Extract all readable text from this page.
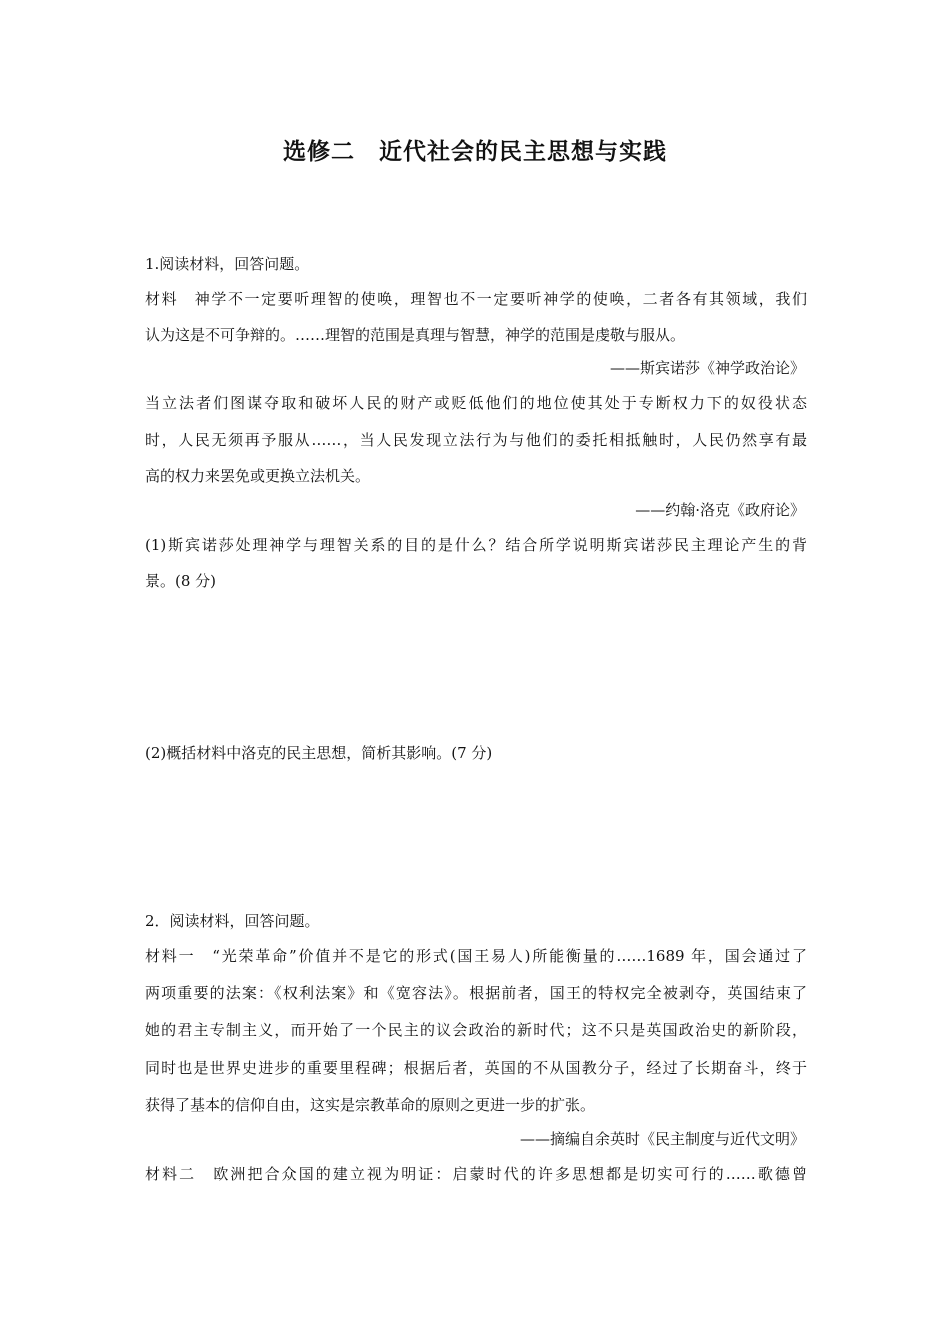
选修二　近代社会的民主思想与实践
1.阅读材料，回答问题。
材料　神学不一定要听理智的使唤，理智也不一定要听神学的使唤，二者各有其领域，我们
认为这是不可争辩的。……理智的范围是真理与智慧，神学的范围是虔敬与服从。
——斯宾诺莎《神学政治论》
当立法者们图谋夺取和破坏人民的财产或贬低他们的地位使其处于专断权力下的奴役状态
时，人民无须再予服从……，当人民发现立法行为与他们的委托相抵触时，人民仍然享有最
高的权力来罢免或更换立法机关。
——约翰·洛克《政府论》
(1)斯宾诺莎处理神学与理智关系的目的是什么？结合所学说明斯宾诺莎民主理论产生的背
景。(8 分)
(2)概括材料中洛克的民主思想，简析其影响。(7 分)
2．阅读材料，回答问题。
材料一　“光荣革命”价值并不是它的形式(国王易人)所能衡量的……1689 年，国会通过了
两项重要的法案：《权利法案》和《宽容法》。根据前者，国王的特权完全被剥夺，英国结束了
她的君主专制主义，而开始了一个民主的议会政治的新时代；这不只是英国政治史的新阶段，
同时也是世界史进步的重要里程碑；根据后者，英国的不从国教分子，经过了长期奋斗，终于
获得了基本的信仰自由，这实是宗教革命的原则之更进一步的扩张。
——摘编自余英时《民主制度与近代文明》
材料二　欧洲把合众国的建立视为明证：启蒙时代的许多思想都是切实可行的……歌德曾
